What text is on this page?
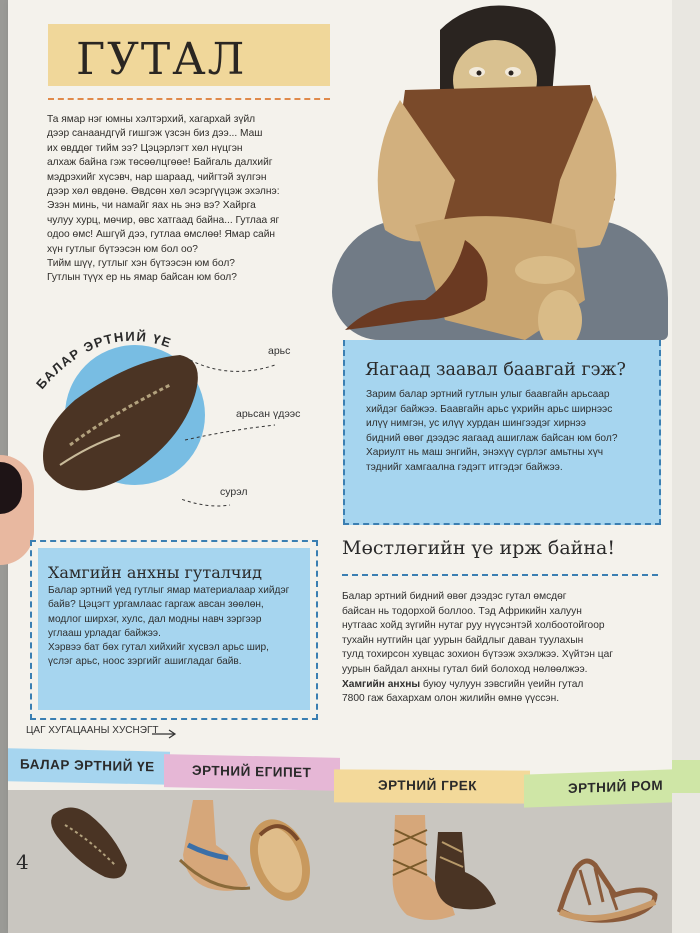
ГУТАЛ

Та ямар нэг юмны хэлтэрхий, хагархай зүйл
дээр санаандгүй гишгэж үзсэн биз дээ... Маш
их өвддөг тийм ээ? Цэцэрлэгт хөл нүцгэн
алхаж байна гэж төсөөлцгөөе! Байгаль далхийг
мэдрэхийг хүсэвч, нар шараад, чийгтэй зүлгэн
дээр хөл өвдөнө. Өвдсөн хөл эсэргүүцэж эхэлнэ:
Эзэн минь, чи намайг яах нь энэ вэ? Хайрга
чулуу хурц, мөчир, өвс хатгаад байна... Гутлаа яг
одоо өмс! Ашгүй дээ, гутлаа өмслөө! Ямар сайн
хүн гутлыг бүтээсэн юм бол оо?
Тийм шүү, гутлыг хэн бүтээсэн юм бол?
Гутлын түүх ер нь ямар байсан юм бол?

БАЛАР ЭРТНИЙ ҮЕ
арьс
арьсан үдээс
сурэл
Яагаад заавал баавгай гэж?

Зарим балар эртний гутлын улыг баавгайн арьсаар
хийдэг байжээ. Баавгайн арьс үхрийн арьс ширнээс
илүү нимгэн, ус илүү хурдан шингээдэг хирнээ
бидний өвөг дээдэс яагаад ашиглаж байсан юм бол?
Хариулт нь маш энгийн, энэхүү сүрлэг амьтны хүч
тэднийг хамгаална гэдэгт итгэдэг байжээ.

Хамгийн анхны гуталчид

Балар эртний үед гутлыг ямар материалаар хийдэг
байв? Цэцэгт ургамлаас гаргаж авсан зөөлөн,
модлог ширхэг, хулс, дал модны навч зэргээр
углааш урладаг байжээ.
Хэрвээ бат бөх гутал хийхийг хүсвэл арьс шир,
үслэг арьс, ноос зэргийг ашигладаг байв.

Мөстлөгийн үе ирж байна!

Балар эртний бидний өвөг дээдэс гутал өмсдөг
байсан нь тодорхой боллоо. Тэд Африкийн халуун
нутгаас хойд зүгийн нутаг руу нүүсэнтэй холбоотойгоор
тухайн нутгийн цаг уурын байдлыг даван туулахын
тулд тохирсон хувцас зохион бүтээж эхэлжээ. Хүйтэн цаг
уурын байдал анхны гутал бий болоход нөлөөлжээ.
Хамгийн анхны буюу чулуун зэвсгийн үеийн гутал
7800 гаж бахархам олон жилийн өмнө үүссэн.

ЦАГ ХУГАЦААНЫ ХУСНЭГТ
БАЛАР ЭРТНИЙ ҮЕ	ЭРТНИЙ ЕГИПЕТ
ЭРТНИЙ ГРЕК	ЭРТНИЙ РОМ
4
